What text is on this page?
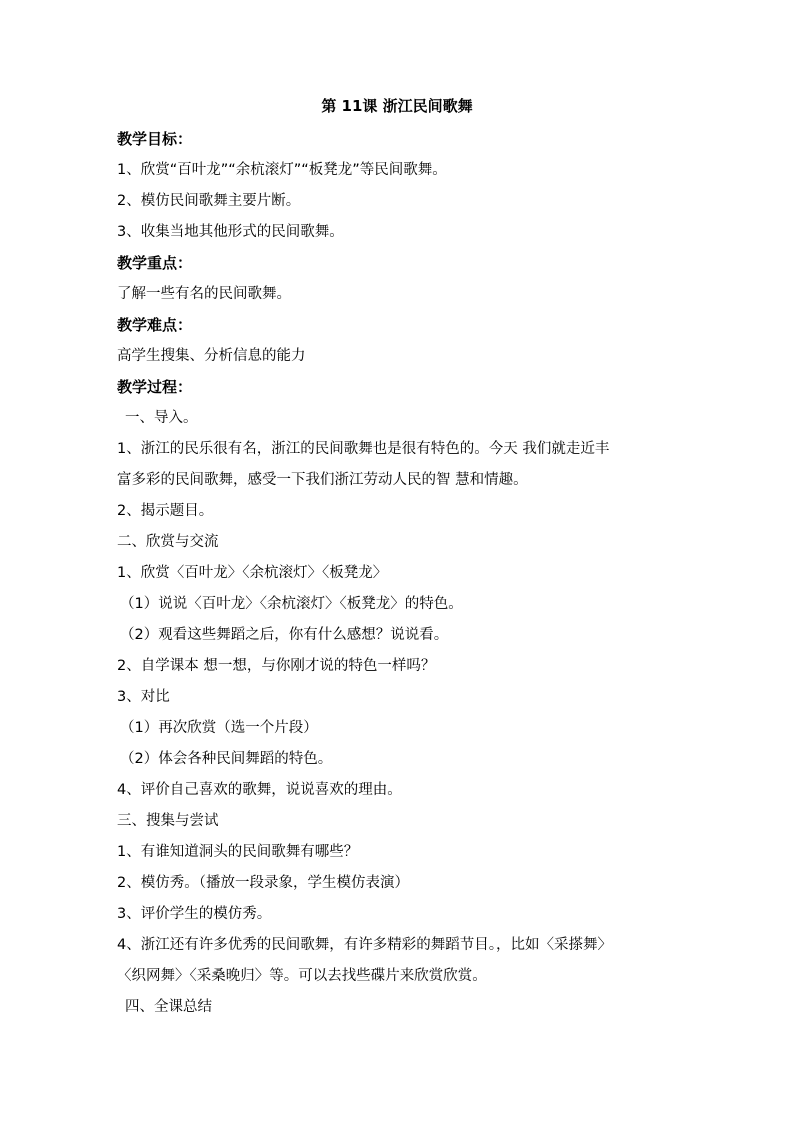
第 11课 浙江民间歌舞
教学目标：
1、欣赏“百叶龙”“余杭滚灯”“板凳龙”等民间歌舞。
2、模仿民间歌舞主要片断。
3、收集当地其他形式的民间歌舞。
教学重点：
了解一些有名的民间歌舞。
教学难点：
高学生搜集、分析信息的能力
教学过程：
一、导入。
1、浙江的民乐很有名，浙江的民间歌舞也是很有特色的。今天 我们就走近丰
富多彩的民间歌舞，感受一下我们浙江劳动人民的智 慧和情趣。
2、揭示题目。
二、欣赏与交流
1、欣赏〈百叶龙〉〈余杭滚灯〉〈板凳龙〉
（1）说说〈百叶龙〉〈余杭滚灯〉〈板凳龙〉的特色。
（2）观看这些舞蹈之后，你有什么感想？说说看。
2、自学课本 想一想，与你刚才说的特色一样吗？
3、对比
（1）再次欣赏（选一个片段）
（2）体会各种民间舞蹈的特色。
4、评价自己喜欢的歌舞，说说喜欢的理由。
三、搜集与尝试
1、有谁知道洞头的民间歌舞有哪些？
2、模仿秀。（播放一段录象，学生模仿表演）
3、评价学生的模仿秀。
4、浙江还有许多优秀的民间歌舞，有许多精彩的舞蹈节目。，比如〈采搽舞〉
〈织网舞〉〈采桑晚归〉等。可以去找些碟片来欣赏欣赏。
四、全课总结
